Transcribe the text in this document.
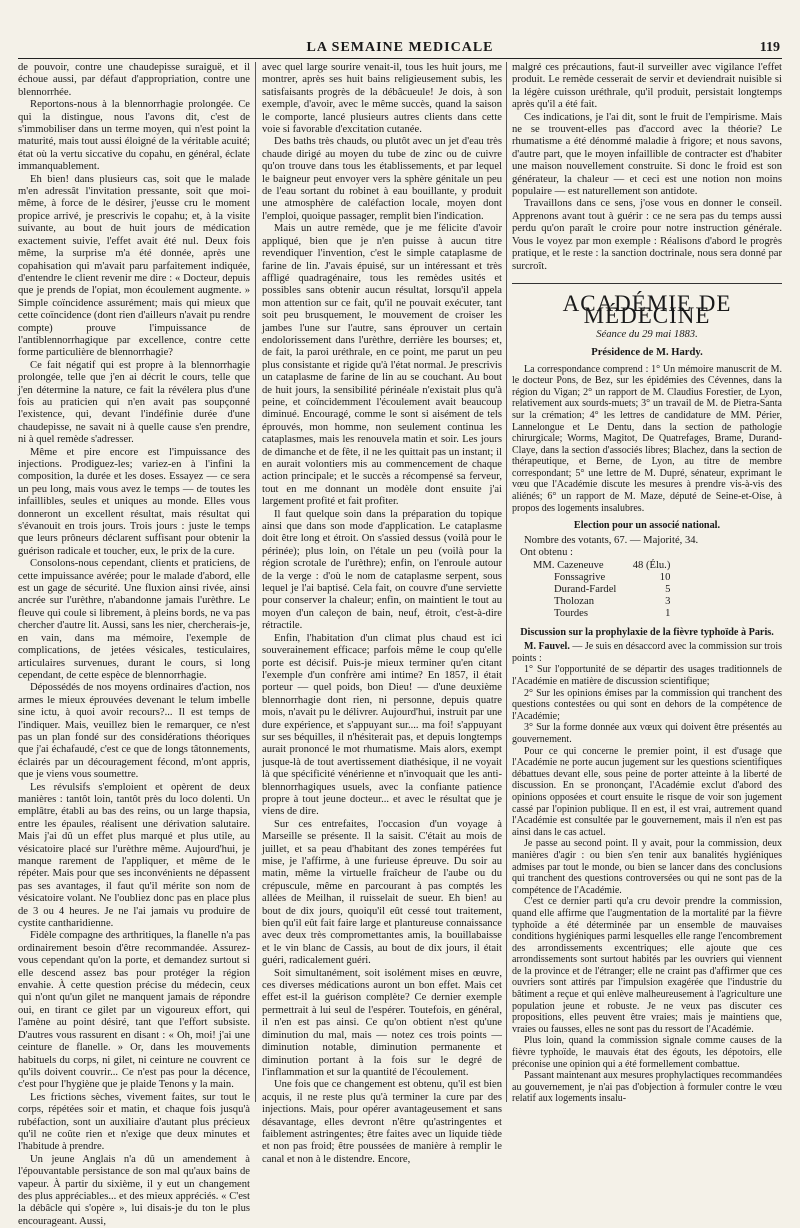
LA SEMAINE MEDICALE	119

de pouvoir, contre une chaudepisse suraiguë, et il échoue aussi, par défaut d'appropriation, contre une blennorrhée.

Reportons-nous à la blennorrhagie prolongée. Ce qui la distingue, nous l'avons dit, c'est de s'immobiliser dans un terme moyen, qui n'est point la maturité, mais tout aussi éloigné de la véritable acuité; état où la vertu siccative du copahu, en général, éclate immanquablement.

Eh bien! dans plusieurs cas, soit que le malade m'en adressât l'invitation pressante, soit que moi-même, à force de le désirer, j'eusse cru le moment propice arrivé, je prescrivis le copahu; et, à la visite suivante, au bout de huit jours de médication exactement suivie, l'effet avait été nul. Deux fois même, la surprise m'a été donnée, après une copahisation qui m'avait paru parfaitement indiquée, d'entendre le client revenir me dire : « Docteur, depuis que je prends de l'opiat, mon écoulement augmente. » Simple coïncidence assurément; mais qui mieux que cette coïncidence (dont rien d'ailleurs n'avait pu rendre compte) prouve l'impuissance de l'antiblennorrhagique par excellence, contre cette forme particulière de blennorrhagie?

Ce fait négatif qui est propre à la blennorrhagie prolongée, telle que j'en ai décrit le cours, telle que j'en détermine la nature, ce fait la révélera plus d'une fois au praticien qui n'en avait pas soupçonné l'existence, qui, devant l'indéfinie durée d'une chaudepisse, ne savait ni à quelle cause s'en prendre, ni à quel remède s'adresser.

Même et pire encore est l'impuissance des injections. Prodiguez-les; variez-en à l'infini la composition, la durée et les doses. Essayez — ce sera un peu long, mais vous avez le temps — de toutes les infaillibles, seules et uniques au monde. Elles vous donneront un excellent résultat, mais résultat qui s'évanouit en trois jours. Trois jours : juste le temps que leurs prôneurs déclarent suffisant pour obtenir la guérison radicale et toucher, eux, le prix de la cure.

Consolons-nous cependant, clients et praticiens, de cette impuissance avérée; pour le malade d'abord, elle est un gage de sécurité. Une fluxion ainsi rivée, ainsi ancrée sur l'urèthre, n'abandonne jamais l'urèthre. Le fleuve qui coule si librement, à pleins bords, ne va pas chercher d'autre lit. Aussi, sans les nier, chercherais-je, en vain, dans ma mémoire, l'exemple de complications, de jetées vésicales, testiculaires, articulaires survenues, durant le cours, si long cependant, de cette espèce de blennorrhagie.

Dépossédés de nos moyens ordinaires d'action, nos armes le mieux éprouvées devenant le telum imbelle sine ictu, à quoi avoir recours?... Il est temps de l'indiquer. Mais, veuillez bien le remarquer, ce n'est pas un plan fondé sur des considérations théoriques que j'ai échafaudé, c'est ce que de longs tâtonnements, éclairés par un découragement fécond, m'ont appris, que je viens vous soumettre.

Les révulsifs s'emploient et opèrent de deux manières : tantôt loin, tantôt près du loco dolenti. Un emplâtre, établi au bas des reins, ou un large thapsia, entre les épaules, réalisent une dérivation salutaire. Mais j'ai dû un effet plus marqué et plus utile, au vésicatoire placé sur l'urèthre même. Aujourd'hui, je manque rarement de l'appliquer, et même de le répéter. Mais pour que ses inconvénients ne dépassent pas ses avantages, il faut qu'il mérite son nom de vésicatoire volant. Ne l'oubliez donc pas en place plus de 3 ou 4 heures. Je ne l'ai jamais vu produire de cystite cantharidienne.

Fidèle compagne des arthritiques, la flanelle n'a pas ordinairement besoin d'être recommandée. Assurez-vous cependant qu'on la porte, et demandez surtout si elle descend assez bas pour protéger la région envahie. À cette question précise du médecin, ceux qui n'ont qu'un gilet ne manquent jamais de répondre oui, en tirant ce gilet par un vigoureux effort, qui l'amène au point désiré, tant que l'effort subsiste. D'autres vous rassurent en disant : « Oh, moi! j'ai une ceinture de flanelle. » Or, dans les mouvements habituels du corps, ni gilet, ni ceinture ne couvrent ce qu'ils doivent couvrir... Ce n'est pas pour la décence, c'est pour l'hygiène que je plaide Tenons y la main.

Les frictions sèches, vivement faites, sur tout le corps, répétées soir et matin, et chaque fois jusqu'à rubéfaction, sont un auxiliaire d'autant plus précieux qu'il ne coûte rien et n'exige que deux minutes et l'habitude à prendre.

Un jeune Anglais n'a dû un amendement à l'épouvantable persistance de son mal qu'aux bains de vapeur. À partir du sixième, il y eut un changement des plus appréciables... et des mieux appréciés. « C'est la débâcle qui s'opère », lui disais-je du ton le plus encourageant. Aussi,

avec quel large sourire venait-il, tous les huit jours, me montrer, après ses huit bains religieusement subis, les satisfaisants progrès de la débâcueule! Je dois, à son exemple, d'avoir, avec le même succès, quand la saison le comporte, lancé plusieurs autres clients dans cette voie si favorable d'excitation cutanée.

Des baths très chauds, ou plutôt avec un jet d'eau très chaude dirigé au moyen du tube de zinc ou de cuivre qu'on trouve dans tous les établissements, et par lequel le baigneur peut envoyer vers la sphère génitale un peu de l'eau sortant du robinet à eau bouillante, y produit une atmosphère de caléfaction locale, moyen dont l'emploi, quoique passager, remplit bien l'indication.

Mais un autre remède, que je me félicite d'avoir appliqué, bien que je n'en puisse à aucun titre revendiquer l'invention, c'est le simple cataplasme de farine de lin. J'avais épuisé, sur un intéressant et très affligé quadragénaire, tous les remèdes usités et possibles sans obtenir aucun résultat, lorsqu'il appela mon attention sur ce fait, qu'il ne pouvait exécuter, tant soit peu brusquement, le mouvement de croiser les jambes l'une sur l'autre, sans éprouver un certain endolorissement dans l'urèthre, derrière les bourses; et, de fait, la paroi uréthrale, en ce point, me parut un peu plus consistante et rigide qu'à l'état normal. Je prescrivis un cataplasme de farine de lin au se couchant. Au bout de huit jours, la sensibilité périnéale n'existait plus qu'à peine, et coïncidemment l'écoulement avait beaucoup diminué. Encouragé, comme le sont si aisément de tels éprouvés, mon homme, non seulement continua les cataplasmes, mais les renouvela matin et soir. Les jours de dimanche et de fête, il ne les quittait pas un instant; il en aurait volontiers mis au commencement de chaque action principale; et le succès a récompensé sa ferveur, tout en me donnant un modèle dont ensuite j'ai largement profité et fait profiter.

Il faut quelque soin dans la préparation du topique ainsi que dans son mode d'application. Le cataplasme doit être long et étroit. On s'assied dessus (voilà pour le périnée); plus loin, on l'étale un peu (voilà pour la région scrotale de l'urèthre); enfin, on l'enroule autour de la verge : d'où le nom de cataplasme serpent, sous lequel je l'ai baptisé. Cela fait, on couvre d'une serviette pour conserver la chaleur; enfin, on maintient le tout au moyen d'un caleçon de bain, neuf, étroit, c'est-à-dire rétractile.

Enfin, l'habitation d'un climat plus chaud est ici souverainement efficace; parfois même le coup qu'elle porte est décisif. Puis-je mieux terminer qu'en citant l'exemple d'un confrère ami intime? En 1857, il était porteur — quel poids, bon Dieu! — d'une deuxième blennorrhagie dont rien, ni personne, depuis quatre mois, n'avait pu le délivrer. Aujourd'hui, instruit par une dure expérience, et s'appuyant sur.... ma foi! s'appuyant sur ses béquilles, il n'hésiterait pas, et depuis longtemps aurait prononcé le mot rhumatisme. Mais alors, exempt jusque-là de tout avertissement diathésique, il ne voyait là que spécificité vénérienne et n'invoquait que les anti-blennorrhagiques usuels, avec la confiante patience propre à tout jeune docteur... et avec le résultat que je viens de dire.

Sur ces entrefaites, l'occasion d'un voyage à Marseille se présente. Il la saisit. C'était au mois de juillet, et sa peau d'habitant des zones tempérées fut mise, je l'affirme, à une furieuse épreuve. Du soir au matin, même la virtuelle fraîcheur de l'aube ou du crépuscule, même en parcourant à pas comptés les allées de Meilhan, il ruisselait de sueur. Eh bien! au bout de dix jours, quoiqu'il eût cessé tout traitement, bien qu'il eût fait faire large et plantureuse connaissance avec deux très compromettantes amis, la bouillabaisse et le vin blanc de Cassis, au bout de dix jours, il était guéri, radicalement guéri.

Soit simultanément, soit isolément mises en œuvre, ces diverses médications auront un bon effet. Mais cet effet est-il la guérison complète? Ce dernier exemple permettrait à lui seul de l'espérer. Toutefois, en général, il n'en est pas ainsi. Ce qu'on obtient n'est qu'une diminution du mal, mais — notez ces trois points — diminution notable, diminution permanente et diminution portant à la fois sur le degré de l'inflammation et sur la quantité de l'écoulement.

Une fois que ce changement est obtenu, qu'il est bien acquis, il ne reste plus qu'à terminer la cure par des injections. Mais, pour opérer avantageusement et sans désavantage, elles devront n'être qu'astringentes et faiblement astringentes; être faites avec un liquide tiède et non pas froid; être poussées de manière à remplir le canal et non à le distendre. Encore,

malgré ces précautions, faut-il surveiller avec vigilance l'effet produit. Le remède cesserait de servir et deviendrait nuisible si la légère cuisson uréthrale, qu'il produit, persistait longtemps après qu'il a été fait.

Ces indications, je l'ai dit, sont le fruit de l'empirisme. Mais ne se trouvent-elles pas d'accord avec la théorie? Le rhumatisme a été dénommé maladie à frigore; et nous savons, d'autre part, que le moyen infaillible de contracter est d'habiter une maison nouvellement construite. Si donc le froid est son générateur, la chaleur — et ceci est une notion non moins populaire — est naturellement son antidote.

Travaillons dans ce sens, j'ose vous en donner le conseil. Apprenons avant tout à guérir : ce ne sera pas du temps aussi perdu qu'on paraît le croire pour notre instruction générale. Vous le voyez par mon exemple : Réalisons d'abord le progrès pratique, et le reste : la sanction doctrinale, nous sera donné par surcroît.

ACADÉMIE DE MÉDECINE
Séance du 29 mai 1883.
Présidence de M. Hardy.

La correspondance comprend : 1° Un mémoire manuscrit de M. le docteur Pons, de Bez, sur les épidémies des Cévennes, dans la région du Vigan; 2° un rapport de M. Claudius Forestier, de Lyon, relativement aux sourds-muets; 3° un travail de M. de Pietra-Santa sur la crémation; 4° les lettres de candidature de MM. Périer, Lannelongue et Le Dentu, dans la section de pathologie chirurgicale; Worms, Magitot, De Quatrefages, Brame, Durand-Claye, dans la section d'associés libres; Blachez, dans la section de thérapeutique, et Berne, de Lyon, au titre de membre correspondant; 5° une lettre de M. Dupré, sénateur, exprimant le vœu que l'Académie discute les mesures à prendre vis-à-vis des aliénés; 6° un rapport de M. Maze, député de Seine-et-Oise, à propos des logements insalubres.

Election pour un associé national.

Nombre des votants, 67. — Majorité, 34.

Ont obtenu :

MM. Cazeneuve	48 (Élu.)
Fonssagrive	10
Durand-Fardel	5
Tholozan	3
Tourdes	1
Discussion sur la prophylaxie de la fièvre typhoïde à Paris.

M. Fauvel. — Je suis en désaccord avec la commission sur trois points :

1° Sur l'opportunité de se départir des usages traditionnels de l'Académie en matière de discussion scientifique;

2° Sur les opinions émises par la commission qui tranchent des questions contestées ou qui sont en dehors de la compétence de l'Académie;

3° Sur la forme donnée aux vœux qui doivent être présentés au gouvernement.

Pour ce qui concerne le premier point, il est d'usage que l'Académie ne porte aucun jugement sur les questions scientifiques débattues devant elle, sous peine de porter atteinte à la liberté de discussion. En se prononçant, l'Académie exclut d'abord des opinions opposées et court ensuite le risque de voir son jugement cassé par l'opinion publique. Il en est, il est vrai, autrement quand l'Académie est consultée par le gouvernement, mais il n'en est pas ainsi dans le cas actuel.

Je passe au second point. Il y avait, pour la commission, deux manières d'agir : ou bien s'en tenir aux banalités hygiéniques admises par tout le monde, ou bien se lancer dans des conclusions qui tranchent des questions controversées ou qui ne sont pas de la compétence de l'Académie.

C'est ce dernier parti qu'a cru devoir prendre la commission, quand elle affirme que l'augmentation de la mortalité par la fièvre typhoïde a été déterminée par un ensemble de mauvaises conditions hygiéniques parmi lesquelles elle range l'encombrement des arrondissements excentriques; elle ajoute que ces arrondissements sont surtout habités par les ouvriers qui viennent de la province et de l'étranger; elle ne craint pas d'affirmer que ces ouvriers sont attirés par l'impulsion exagérée que l'industrie du bâtiment a reçue et qui enlève malheureusement à l'agriculture une population jeune et robuste. Je ne veux pas discuter ces propositions, elles peuvent être vraies; mais je maintiens que, vraies ou fausses, elles ne sont pas du ressort de l'Académie.

Plus loin, quand la commission signale comme causes de la fièvre typhoïde, le mauvais état des égouts, les dépotoirs, elle préconise une opinion qui a été formellement combattue.

Passant maintenant aux mesures prophylactiques recommandées au gouvernement, je n'ai pas d'objection à formuler contre le vœu relatif aux logements insalu-
